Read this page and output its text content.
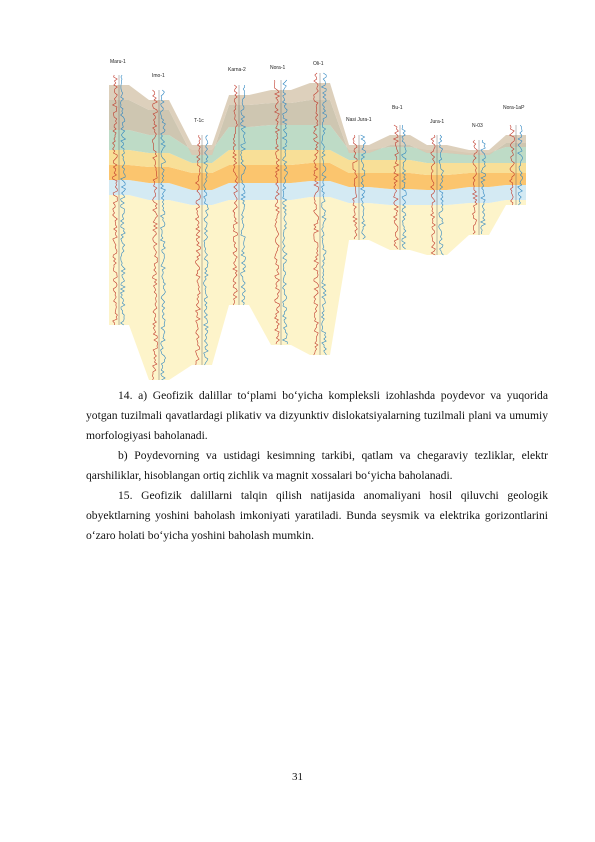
Maru-1
Imo-1
T-1c
Karna-2	Nora-1
Oli-1
Nasi Jura-1
Bu-1
Jura-1
N-03
Nora-1aP

14. a) Geofizik dalillar to‘plami bo‘yicha kompleksli izohlashda poydevor va yuqorida yotgan tuzilmali qavatlardagi plikativ va dizyunktiv dislokatsiyalarning tuzilmali plani va umumiy morfologiyasi baholanadi.

b) Poydevorning va ustidagi kesimning tarkibi, qatlam va chegaraviy tezliklar, elektr qarshiliklar, hisoblangan ortiq zichlik va magnit xossalari bo‘yicha baholanadi.

15. Geofizik dalillarni talqin qilish natijasida anomaliyani hosil qiluvchi geologik obyektlarning yoshini baholash imkoniyati yaratiladi. Bunda seysmik va elektrika gorizontlarini o‘zaro holati bo‘yicha yoshini baholash mumkin.

31
